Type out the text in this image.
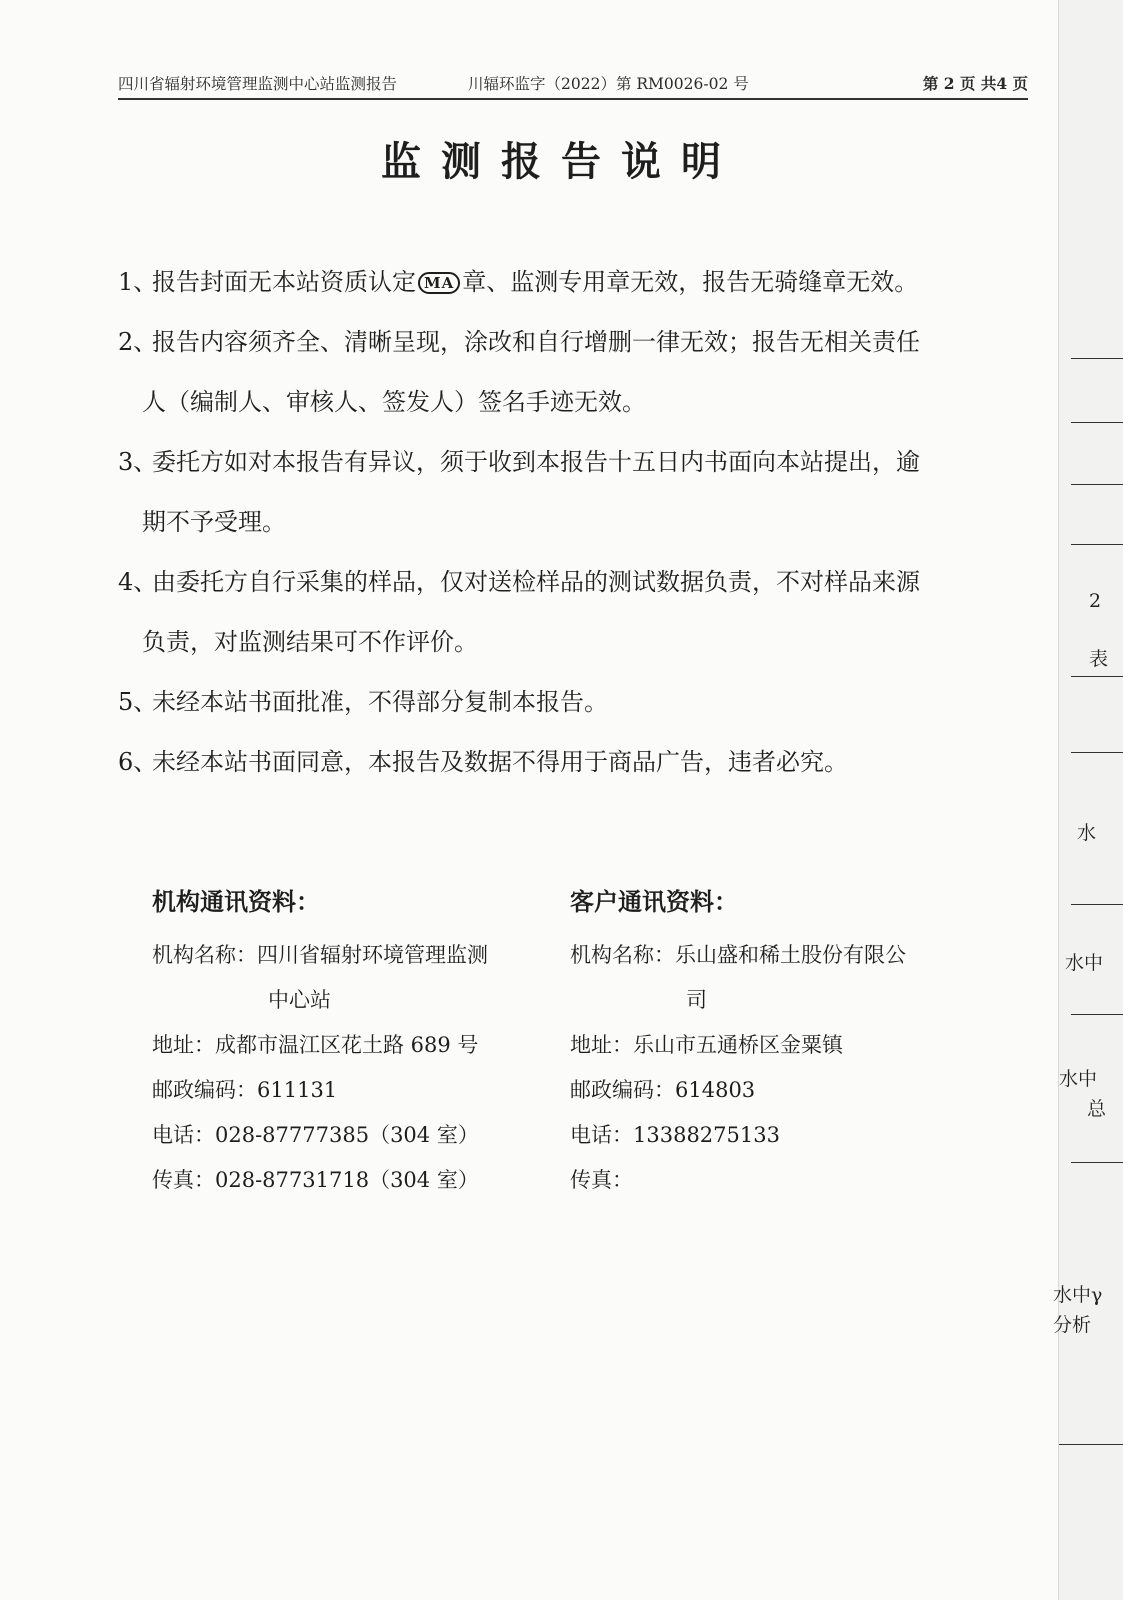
四川省辐射环境管理监测中心站监测报告	川辐环监字（2022）第 RM0026-02 号	第 2 页 共4 页
监测报告说明
1、
报告封面无本站资质认定 MA 章、监测专用章无效，报告无骑缝章无效。
2、
报告内容须齐全、清晰呈现，涂改和自行增删一律无效；报告无相关责任
人（编制人、审核人、签发人）签名手迹无效。
3、
委托方如对本报告有异议，须于收到本报告十五日内书面向本站提出，逾
期不予受理。
4、
由委托方自行采集的样品，仅对送检样品的测试数据负责，不对样品来源
负责，对监测结果可不作评价。
5、
未经本站书面批准，不得部分复制本报告。
6、
未经本站书面同意，本报告及数据不得用于商品广告，违者必究。
机构通讯资料：
机构名称：四川省辐射环境管理监测
中心站
地址：成都市温江区花土路 689 号
邮政编码：611131
电话：028-87777385（304 室）
传真：028-87731718（304 室）
客户通讯资料：
机构名称：乐山盛和稀土股份有限公
司
地址：乐山市五通桥区金粟镇
邮政编码：614803
电话：13388275133
传真：
2
表
水
水中
水中
总
水中γ
分析
